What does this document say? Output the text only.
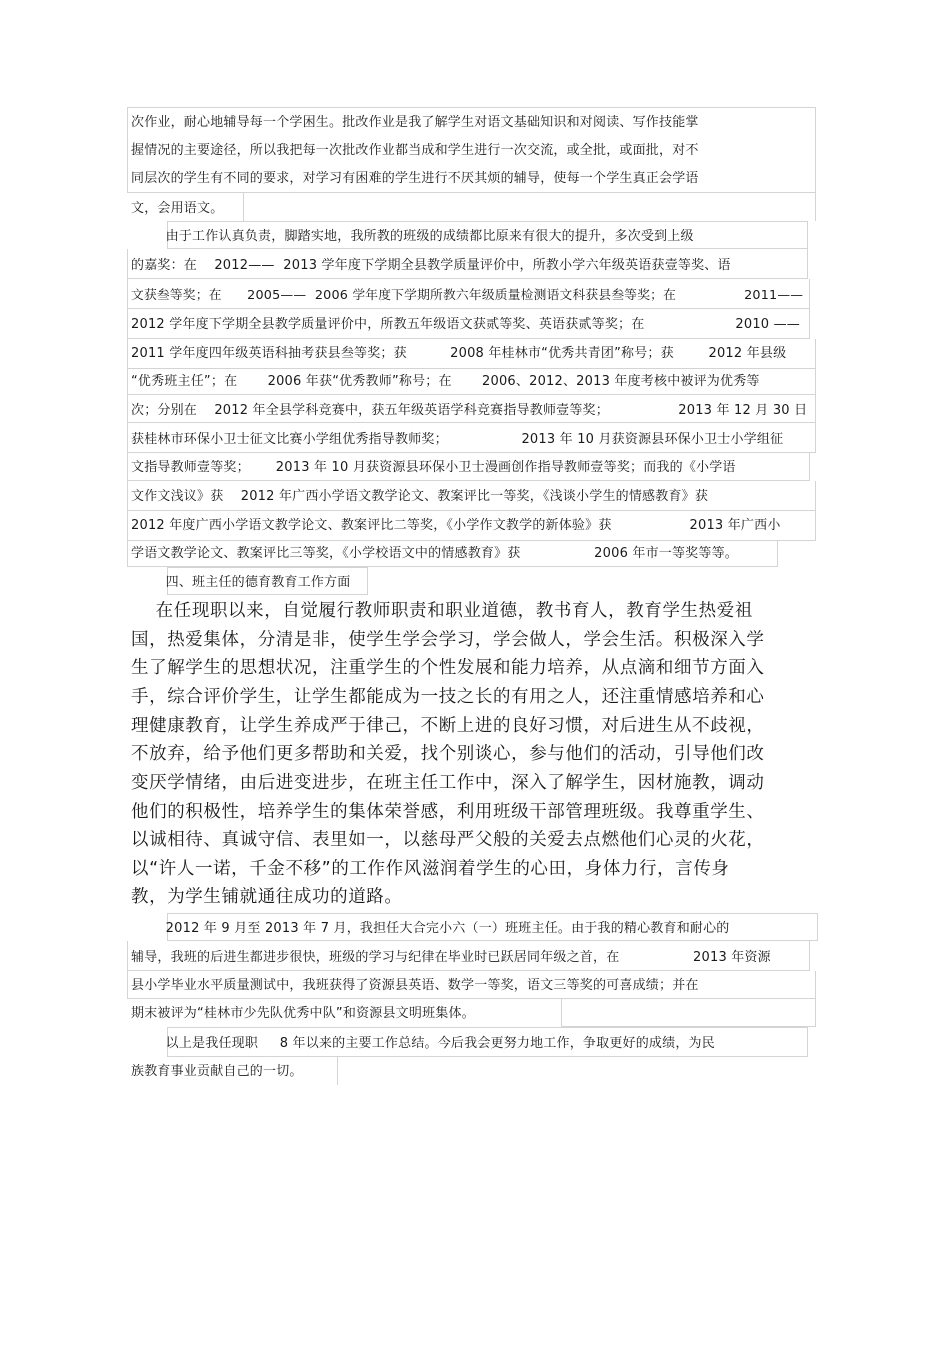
次作业，耐心地辅导每一个学困生。批改作业是我了解学生对语文基础知识和对阅读、写作技能掌
握情况的主要途径，所以我把每一次批改作业都当成和学生进行一次交流，或全批，或面批，对不
同层次的学生有不同的要求，对学习有困难的学生进行不厌其烦的辅导，使每一个学生真正会学语
文，会用语文。
由于工作认真负责，脚踏实地，我所教的班级的成绩都比原来有很大的提升，多次受到上级
的嘉奖：在    2012——  2013 学年度下学期全县教学质量评价中，所教小学六年级英语获壹等奖、语
文获叁等奖；在      2005——  2006 学年度下学期所教六年级质量检测语文科获县叁等奖；在                2011——
2012 学年度下学期全县教学质量评价中，所教五年级语文获贰等奖、英语获贰等奖；在                     2010 ——
2011 学年度四年级英语科抽考获县叁等奖；获          2008 年桂林市“优秀共青团”称号；获        2012 年县级
“优秀班主任”；在       2006 年获“优秀教师”称号；在       2006、2012、2013 年度考核中被评为优秀等
次；分别在    2012 年全县学科竞赛中，获五年级英语学科竞赛指导教师壹等奖；                2013 年 12 月 30 日
获桂林市环保小卫士征文比赛小学组优秀指导教师奖；                 2013 年 10 月获资源县环保小卫士小学组征
文指导教师壹等奖；      2013 年 10 月获资源县环保小卫士漫画创作指导教师壹等奖；而我的《小学语
文作文浅议》获    2012 年广西小学语文教学论文、教案评比一等奖，《浅谈小学生的情感教育》获
2012 年度广西小学语文教学论文、教案评比二等奖，《小学作文教学的新体验》获                  2013 年广西小
学语文教学论文、教案评比三等奖，《小学校语文中的情感教育》获                 2006 年市一等奖等等。
四、班主任的德育教育工作方面
在任现职以来，自觉履行教师职责和职业道德，教书育人，教育学生热爱祖
国，热爱集体，分清是非，使学生学会学习，学会做人，学会生活。积极深入学
生了解学生的思想状况，注重学生的个性发展和能力培养，从点滴和细节方面入
手，综合评价学生，让学生都能成为一技之长的有用之人，还注重情感培养和心
理健康教育，让学生养成严于律己，不断上进的良好习惯，对后进生从不歧视，
不放弃，给予他们更多帮助和关爱，找个别谈心，参与他们的活动，引导他们改
变厌学情绪，由后进变进步，在班主任工作中，深入了解学生，因材施教，调动
他们的积极性，培养学生的集体荣誉感，利用班级干部管理班级。我尊重学生、
以诚相待、真诚守信、表里如一，以慈母严父般的关爱去点燃他们心灵的火花，
以“许人一诺，千金不移”的工作作风滋润着学生的心田，身体力行，言传身
教，为学生铺就通往成功的道路。
2012 年 9 月至 2013 年 7 月，我担任大合完小六（一）班班主任。由于我的精心教育和耐心的
辅导，我班的后进生都进步很快，班级的学习与纪律在毕业时已跃居同年级之首，在                 2013 年资源
县小学毕业水平质量测试中，我班获得了资源县英语、数学一等奖，语文三等奖的可喜成绩；并在
期末被评为“桂林市少先队优秀中队”和资源县文明班集体。
以上是我任现职     8 年以来的主要工作总结。今后我会更努力地工作，争取更好的成绩，为民
族教育事业贡献自己的一切。
